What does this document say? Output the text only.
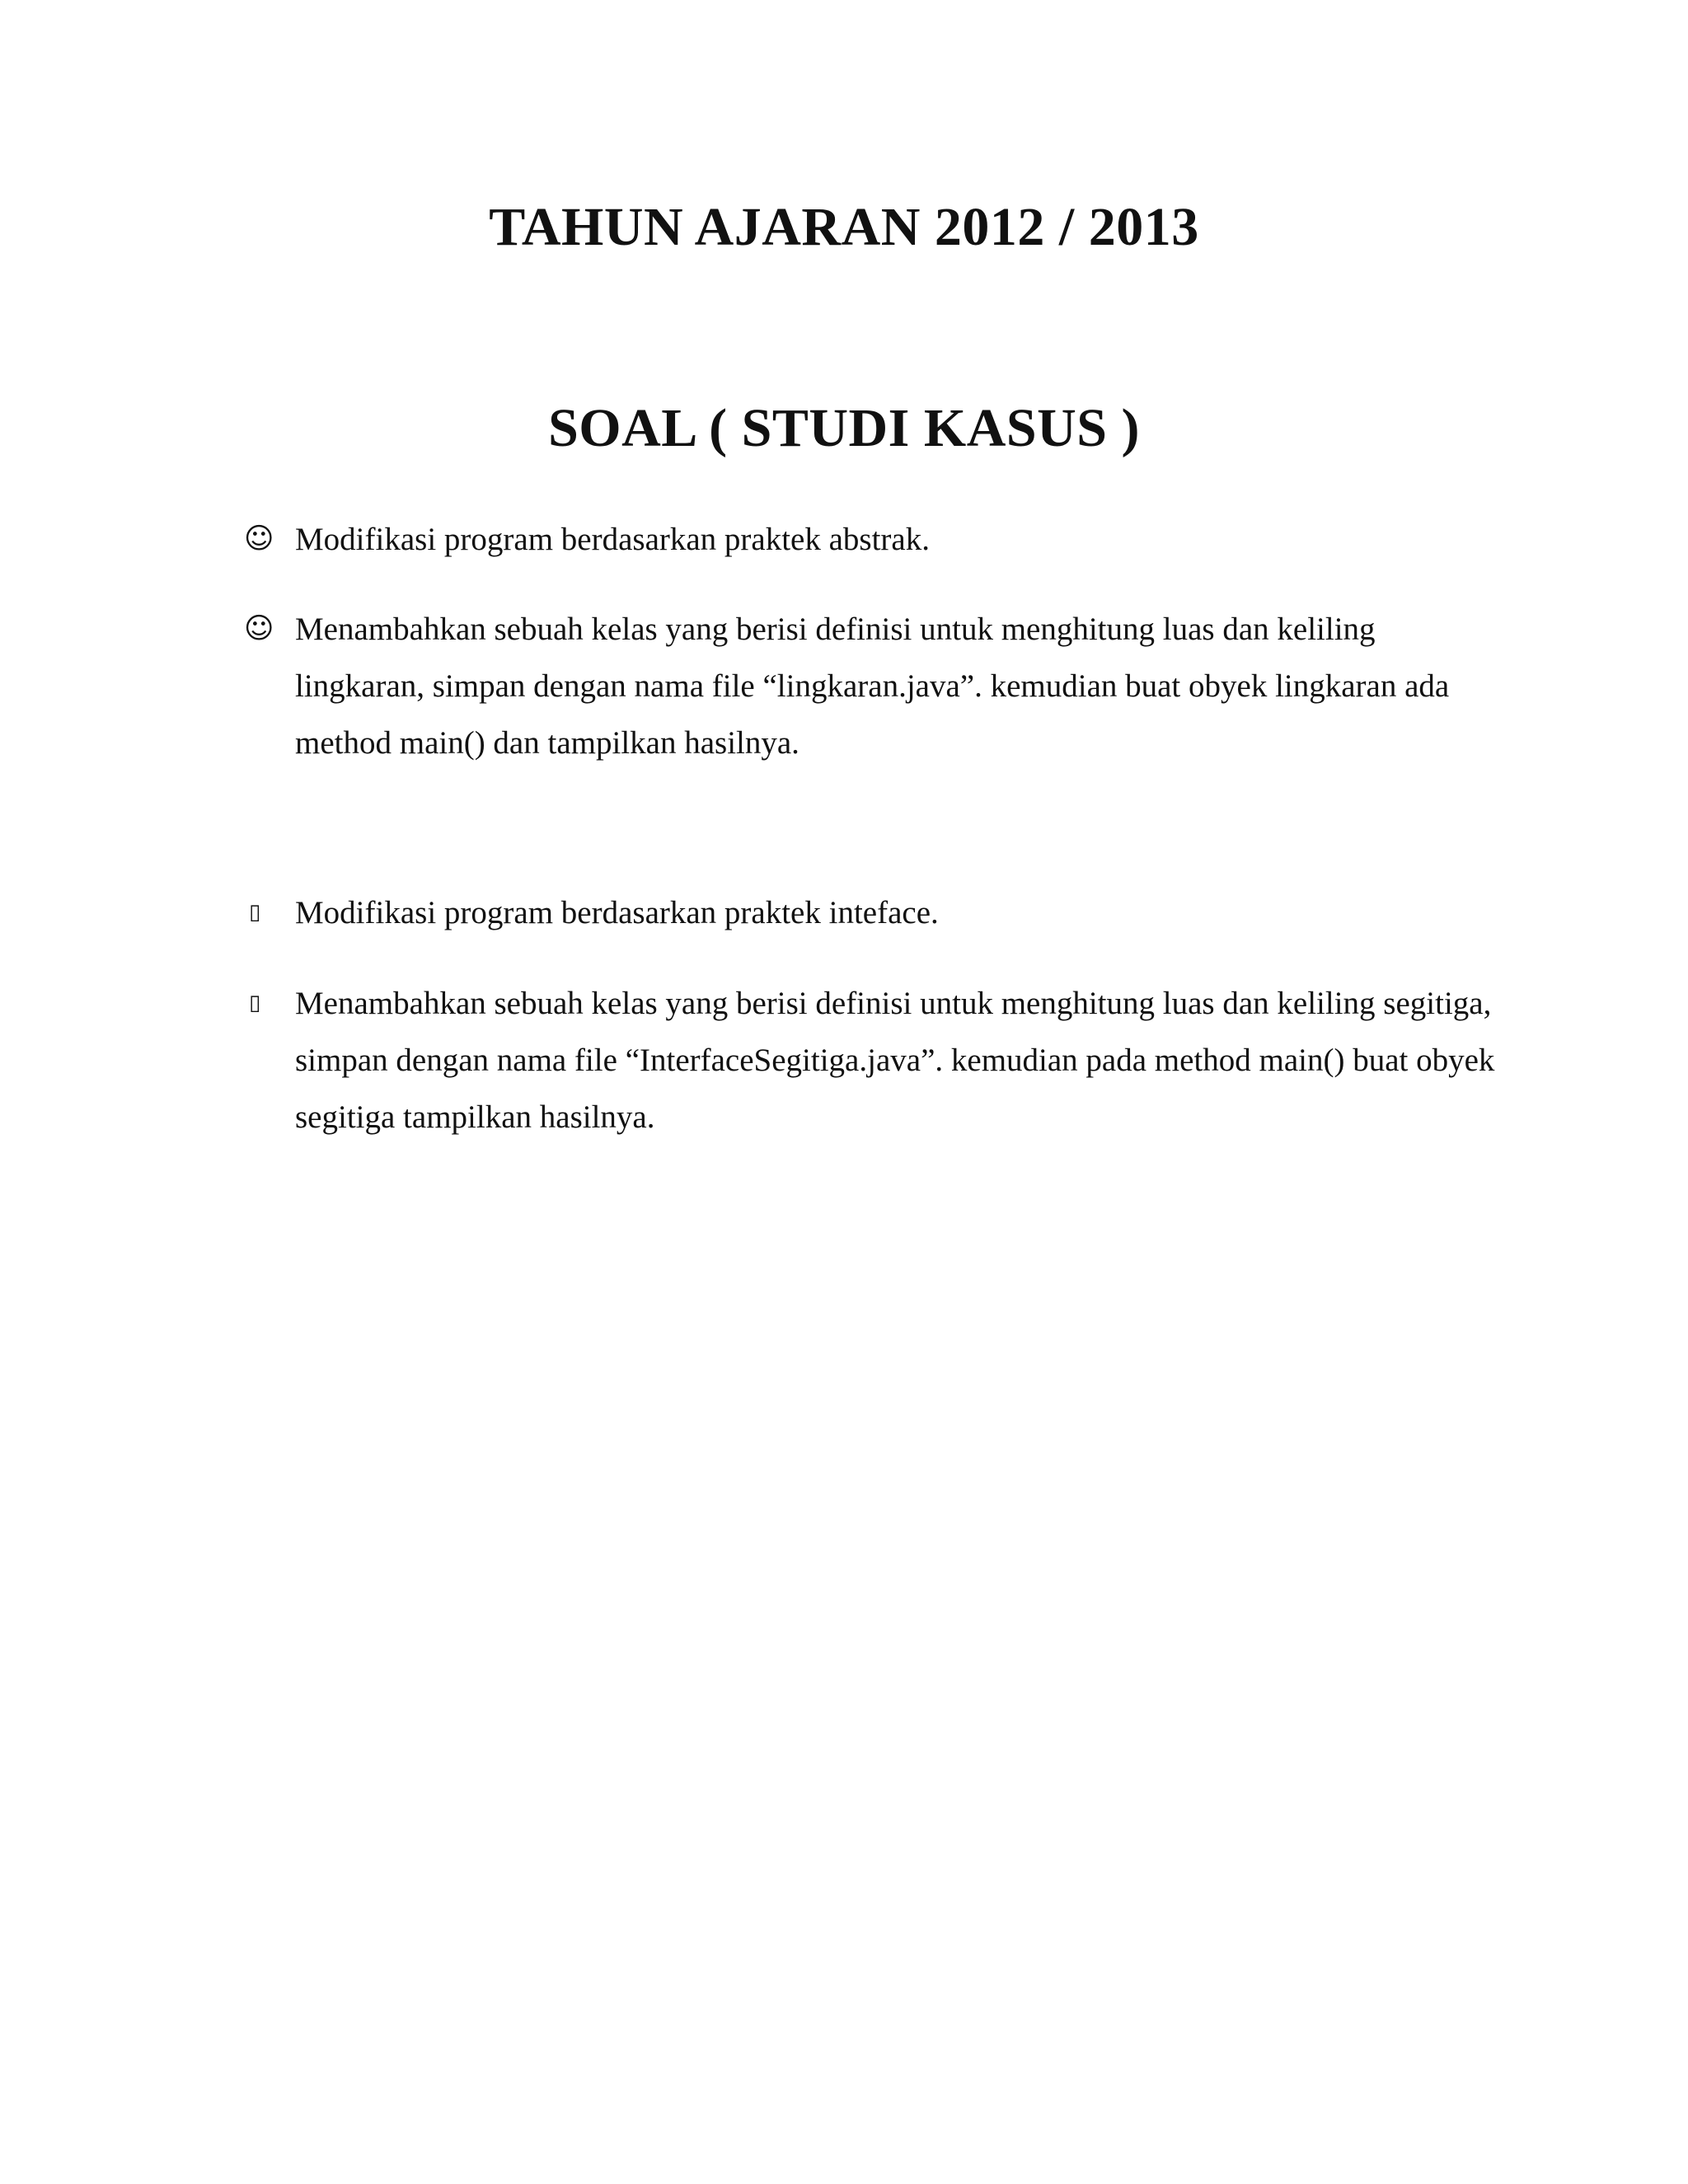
TAHUN AJARAN 2012 / 2013
SOAL ( STUDI KASUS )
☺ Modifikasi program berdasarkan praktek abstrak.
☺ Menambahkan sebuah kelas yang berisi definisi untuk menghitung luas dan keliling lingkaran, simpan dengan nama file “lingkaran.java”. kemudian buat obyek lingkaran ada method main() dan tampilkan hasilnya.
▯	Modifikasi program berdasarkan praktek inteface.
▯	Menambahkan sebuah kelas yang berisi definisi untuk menghitung luas dan keliling segitiga, simpan dengan nama file “InterfaceSegitiga.java”. kemudian pada method main() buat obyek segitiga tampilkan hasilnya.
